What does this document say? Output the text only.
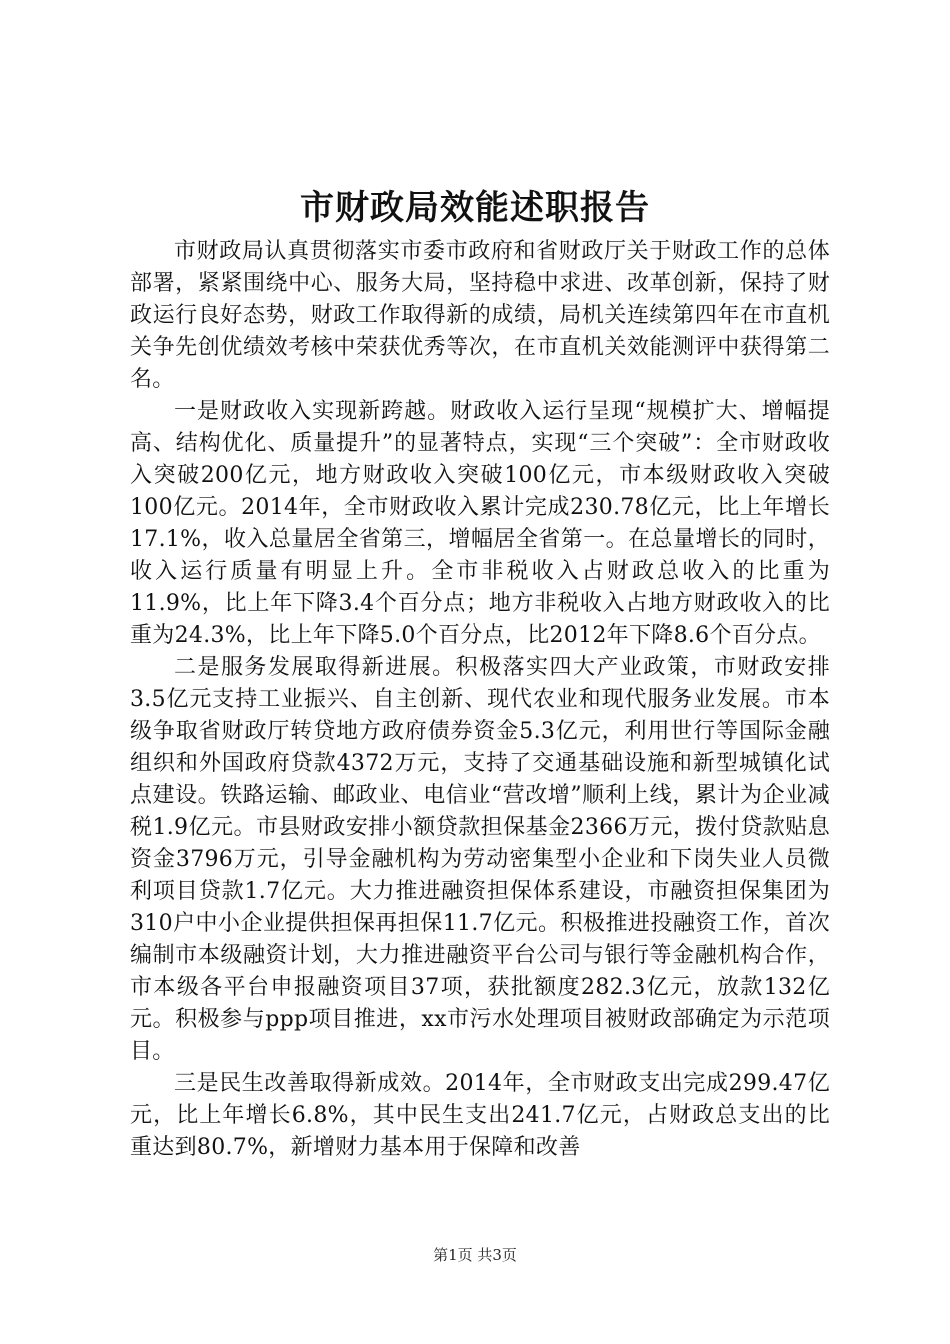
市财政局效能述职报告

市财政局认真贯彻落实市委市政府和省财政厅关于财政工作的总体部署，紧紧围绕中心、服务大局，坚持稳中求进、改革创新，保持了财政运行良好态势，财政工作取得新的成绩，局机关连续第四年在市直机关争先创优绩效考核中荣获优秀等次，在市直机关效能测评中获得第二名。

一是财政收入实现新跨越。财政收入运行呈现“规模扩大、增幅提高、结构优化、质量提升”的显著特点，实现“三个突破”：全市财政收入突破200亿元，地方财政收入突破100亿元，市本级财政收入突破100亿元。2014年，全市财政收入累计完成230.78亿元，比上年增长17.1%，收入总量居全省第三，增幅居全省第一。在总量增长的同时，收入运行质量有明显上升。全市非税收入占财政总收入的比重为11.9%，比上年下降3.4个百分点；地方非税收入占地方财政收入的比重为24.3%，比上年下降5.0个百分点，比2012年下降8.6个百分点。

二是服务发展取得新进展。积极落实四大产业政策，市财政安排3.5亿元支持工业振兴、自主创新、现代农业和现代服务业发展。市本级争取省财政厅转贷地方政府债券资金5.3亿元，利用世行等国际金融组织和外国政府贷款4372万元，支持了交通基础设施和新型城镇化试点建设。铁路运输、邮政业、电信业“营改增”顺利上线，累计为企业减税1.9亿元。市县财政安排小额贷款担保基金2366万元，拨付贷款贴息资金3796万元，引导金融机构为劳动密集型小企业和下岗失业人员微利项目贷款1.7亿元。大力推进融资担保体系建设，市融资担保集团为310户中小企业提供担保再担保11.7亿元。积极推进投融资工作，首次编制市本级融资计划，大力推进融资平台公司与银行等金融机构合作，市本级各平台申报融资项目37项，获批额度282.3亿元，放款132亿元。积极参与ppp项目推进，xx市污水处理项目被财政部确定为示范项目。

三是民生改善取得新成效。2014年，全市财政支出完成299.47亿元，比上年增长6.8%，其中民生支出241.7亿元，占财政总支出的比重达到80.7%，新增财力基本用于保障和改善

第1页 共3页
